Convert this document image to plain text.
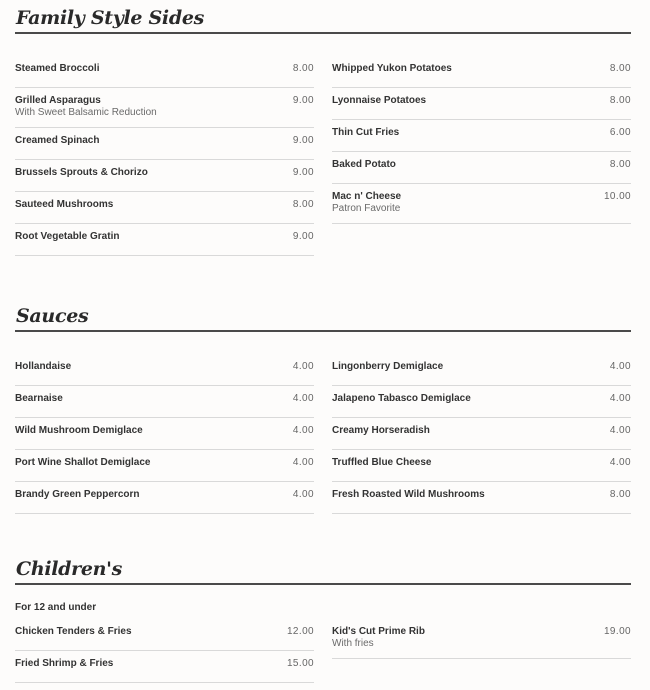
Family Style Sides
Steamed Broccoli	8.00
Grilled Asparagus
With Sweet Balsamic Reduction
9.00
Creamed Spinach	9.00
Brussels Sprouts & Chorizo	9.00
Sauteed Mushrooms	8.00
Root Vegetable Gratin	9.00
Whipped Yukon Potatoes	8.00
Lyonnaise Potatoes	8.00
Thin Cut Fries	6.00
Baked Potato	8.00
Mac n' Cheese
Patron Favorite
10.00
Sauces
Hollandaise	4.00
Bearnaise	4.00
Wild Mushroom Demiglace	4.00
Port Wine Shallot Demiglace	4.00
Brandy Green Peppercorn	4.00
Lingonberry Demiglace	4.00
Jalapeno Tabasco Demiglace	4.00
Creamy Horseradish	4.00
Truffled Blue Cheese	4.00
Fresh Roasted Wild Mushrooms	8.00
Children's
For 12 and under
Chicken Tenders & Fries	12.00
Fried Shrimp & Fries	15.00
Kid's Cut Prime Rib
With fries
19.00
